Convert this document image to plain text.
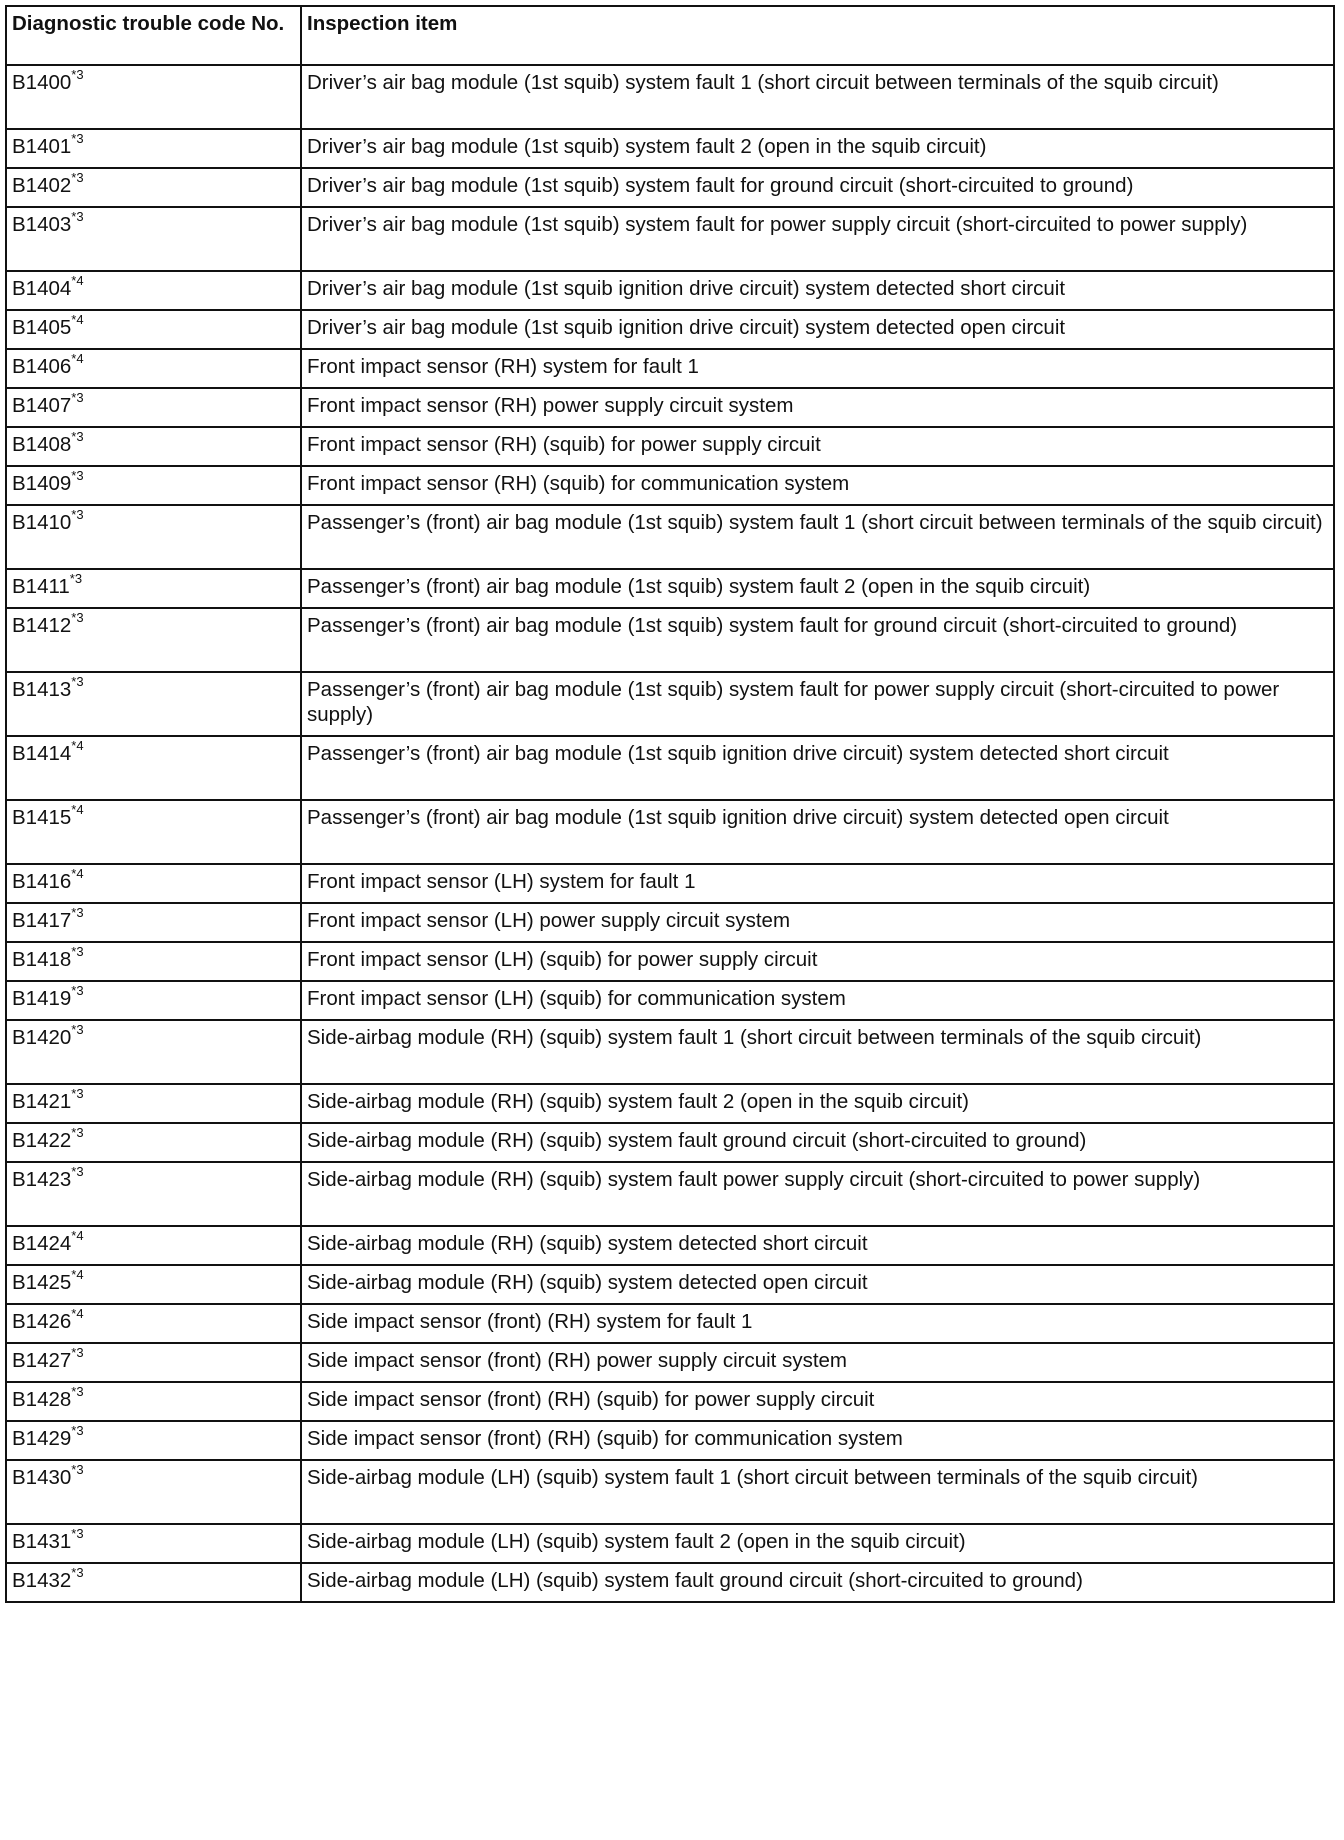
Diagnostic trouble code No.	Inspection item
B1400$^{*3}$	Driver’s air bag module (1st squib) system fault 1 (short circuit between terminals of the squib circuit)
B1401$^{*3}$	Driver’s air bag module (1st squib) system fault 2 (open in the squib circuit)
B1402$^{*3}$	Driver’s air bag module (1st squib) system fault for ground circuit (short-circuited to ground)
B1403$^{*3}$	Driver’s air bag module (1st squib) system fault for power supply circuit (short-circuited to power supply)
B1404$^{*4}$	Driver’s air bag module (1st squib ignition drive circuit) system detected short circuit
B1405$^{*4}$	Driver’s air bag module (1st squib ignition drive circuit) system detected open circuit
B1406$^{*4}$	Front impact sensor (RH) system for fault 1
B1407$^{*3}$	Front impact sensor (RH) power supply circuit system
B1408$^{*3}$	Front impact sensor (RH) (squib) for power supply circuit
B1409$^{*3}$	Front impact sensor (RH) (squib) for communication system
B1410$^{*3}$	Passenger’s (front) air bag module (1st squib) system fault 1 (short circuit between terminals of the squib circuit)
B1411$^{*3}$	Passenger’s (front) air bag module (1st squib) system fault 2 (open in the squib circuit)
B1412$^{*3}$	Passenger’s (front) air bag module (1st squib) system fault for ground circuit (short-circuited to ground)
B1413$^{*3}$	Passenger’s (front) air bag module (1st squib) system fault for power supply circuit (short-circuited to power supply)
B1414$^{*4}$	Passenger’s (front) air bag module (1st squib ignition drive circuit) system detected short circuit
B1415$^{*4}$	Passenger’s (front) air bag module (1st squib ignition drive circuit) system detected open circuit
B1416$^{*4}$	Front impact sensor (LH) system for fault 1
B1417$^{*3}$	Front impact sensor (LH) power supply circuit system
B1418$^{*3}$	Front impact sensor (LH) (squib) for power supply circuit
B1419$^{*3}$	Front impact sensor (LH) (squib) for communication system
B1420$^{*3}$	Side-airbag module (RH) (squib) system fault 1 (short circuit between terminals of the squib circuit)
B1421$^{*3}$	Side-airbag module (RH) (squib) system fault 2 (open in the squib circuit)
B1422$^{*3}$	Side-airbag module (RH) (squib) system fault ground circuit (short-circuited to ground)
B1423$^{*3}$	Side-airbag module (RH) (squib) system fault power supply circuit (short-circuited to power supply)
B1424$^{*4}$	Side-airbag module (RH) (squib) system detected short circuit
B1425$^{*4}$	Side-airbag module (RH) (squib) system detected open circuit
B1426$^{*4}$	Side impact sensor (front) (RH) system for fault 1
B1427$^{*3}$	Side impact sensor (front) (RH) power supply circuit system
B1428$^{*3}$	Side impact sensor (front) (RH) (squib) for power supply circuit
B1429$^{*3}$	Side impact sensor (front) (RH) (squib) for communication system
B1430$^{*3}$	Side-airbag module (LH) (squib) system fault 1 (short circuit between terminals of the squib circuit)
B1431$^{*3}$	Side-airbag module (LH) (squib) system fault 2 (open in the squib circuit)
B1432$^{*3}$	Side-airbag module (LH) (squib) system fault ground circuit (short-circuited to ground)
